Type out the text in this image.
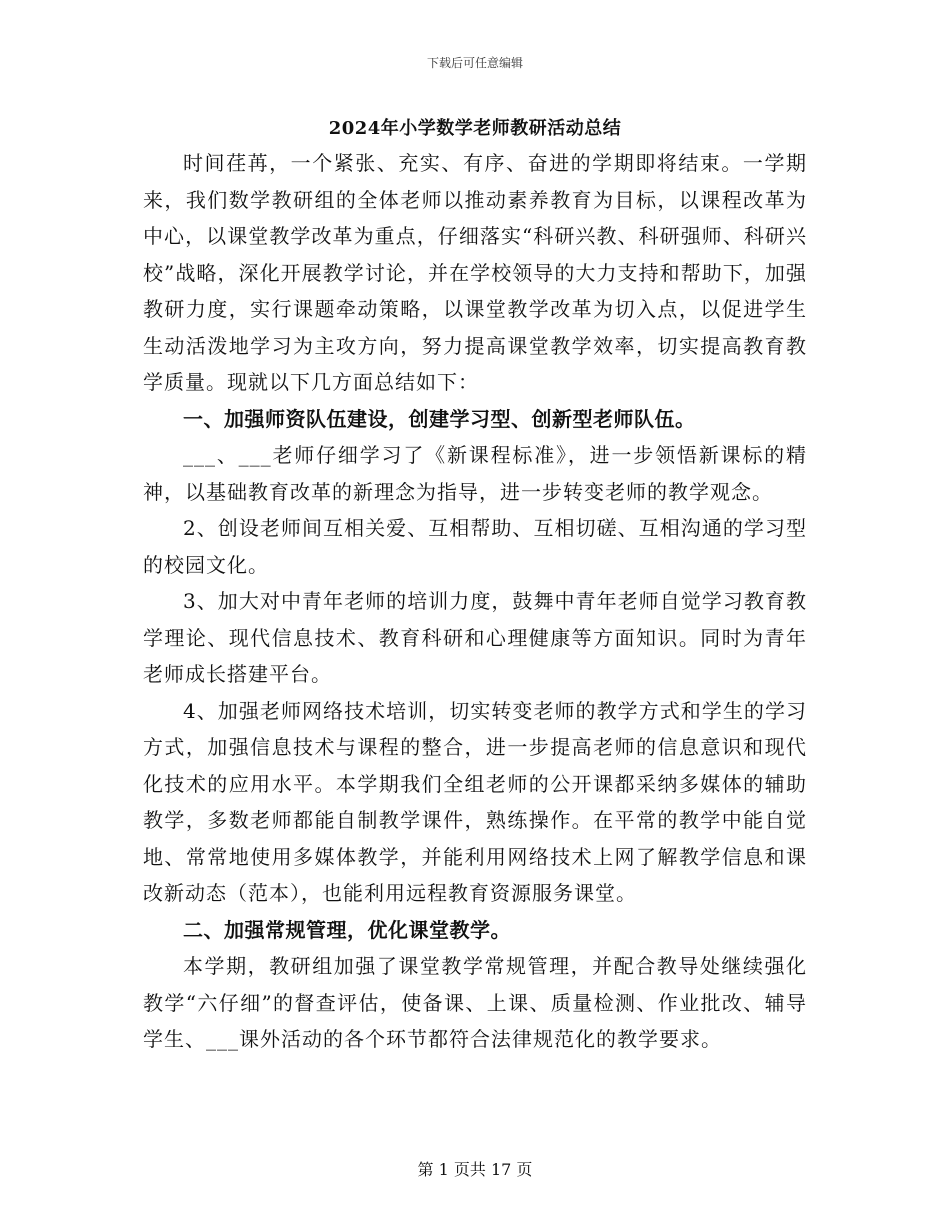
下载后可任意编辑
2024年小学数学老师教研活动总结

时间荏苒，一个紧张、充实、有序、奋进的学期即将结束。一学期来，我们数学教研组的全体老师以推动素养教育为目标，以课程改革为中心，以课堂教学改革为重点，仔细落实“科研兴教、科研强师、科研兴校”战略，深化开展教学讨论，并在学校领导的大力支持和帮助下，加强教研力度，实行课题牵动策略，以课堂教学改革为切入点，以促进学生生动活泼地学习为主攻方向，努力提高课堂教学效率，切实提高教育教学质量。现就以下几方面总结如下：

一、加强师资队伍建设，创建学习型、创新型老师队伍。

___、___老师仔细学习了《新课程标准》，进一步领悟新课标的精神，以基础教育改革的新理念为指导，进一步转变老师的教学观念。

2、创设老师间互相关爱、互相帮助、互相切磋、互相沟通的学习型的校园文化。

3、加大对中青年老师的培训力度，鼓舞中青年老师自觉学习教育教学理论、现代信息技术、教育科研和心理健康等方面知识。同时为青年老师成长搭建平台。

4、加强老师网络技术培训，切实转变老师的教学方式和学生的学习方式，加强信息技术与课程的整合，进一步提高老师的信息意识和现代化技术的应用水平。本学期我们全组老师的公开课都采纳多媒体的辅助教学，多数老师都能自制教学课件，熟练操作。在平常的教学中能自觉地、常常地使用多媒体教学，并能利用网络技术上网了解教学信息和课改新动态（范本），也能利用远程教育资源服务课堂。

二、加强常规管理，优化课堂教学。

本学期，教研组加强了课堂教学常规管理，并配合教导处继续强化教学“六仔细”的督查评估，使备课、上课、质量检测、作业批改、辅导学生、___课外活动的各个环节都符合法律规范化的教学要求。

第 1 页共 17 页
